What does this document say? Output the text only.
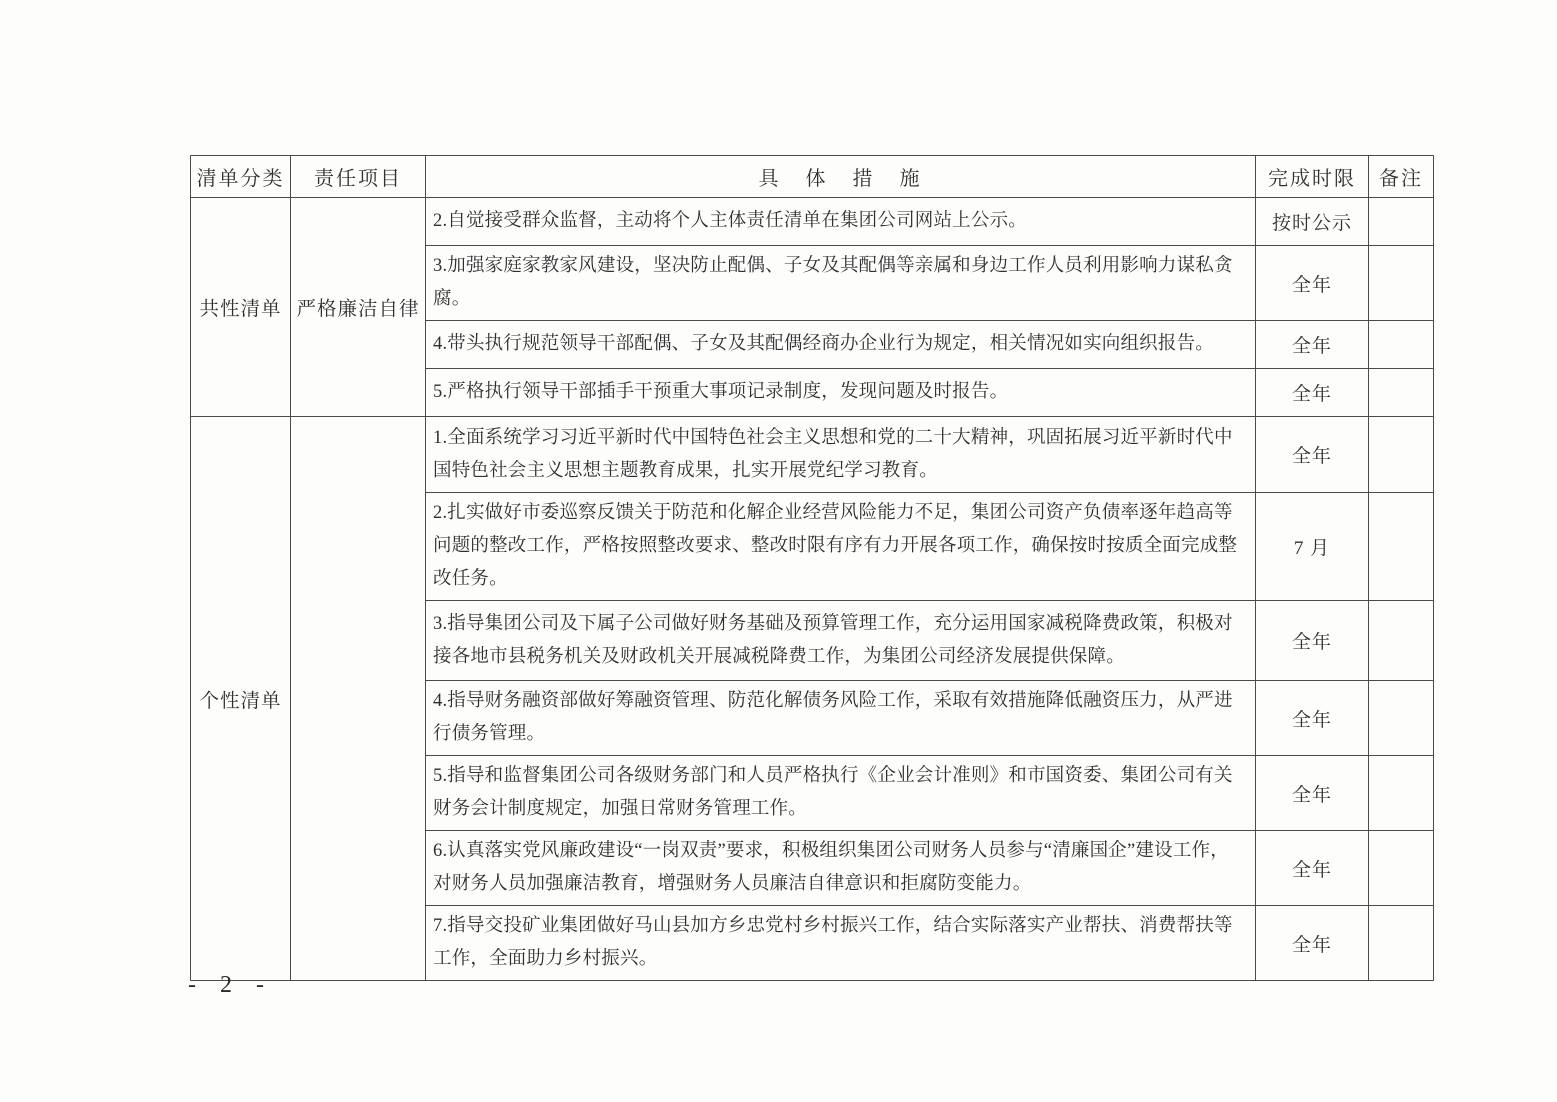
清单分类	责任项目	具 体 措 施	完成时限	备注
共性清单	严格廉洁自律	2.自觉接受群众监督，主动将个人主体责任清单在集团公司网站上公示。	按时公示	
		3.加强家庭家教家风建设，坚决防止配偶、子女及其配偶等亲属和身边工作人员利用影响力谋私贪腐。	全年	
		4.带头执行规范领导干部配偶、子女及其配偶经商办企业行为规定，相关情况如实向组织报告。	全年	
		5.严格执行领导干部插手干预重大事项记录制度，发现问题及时报告。	全年	
个性清单		1.全面系统学习习近平新时代中国特色社会主义思想和党的二十大精神，巩固拓展习近平新时代中国特色社会主义思想主题教育成果，扎实开展党纪学习教育。	全年	
		2.扎实做好市委巡察反馈关于防范和化解企业经营风险能力不足，集团公司资产负债率逐年趋高等问题的整改工作，严格按照整改要求、整改时限有序有力开展各项工作，确保按时按质全面完成整改任务。	7 月	
		3.指导集团公司及下属子公司做好财务基础及预算管理工作，充分运用国家减税降费政策，积极对接各地市县税务机关及财政机关开展减税降费工作，为集团公司经济发展提供保障。	全年	
		4.指导财务融资部做好筹融资管理、防范化解债务风险工作，采取有效措施降低融资压力，从严进行债务管理。	全年	
		5.指导和监督集团公司各级财务部门和人员严格执行《企业会计准则》和市国资委、集团公司有关财务会计制度规定，加强日常财务管理工作。	全年	
		6.认真落实党风廉政建设“一岗双责”要求，积极组织集团公司财务人员参与“清廉国企”建设工作，对财务人员加强廉洁教育，增强财务人员廉洁自律意识和拒腐防变能力。	全年	
		7.指导交投矿业集团做好马山县加方乡忠党村乡村振兴工作，结合实际落实产业帮扶、消费帮扶等工作，全面助力乡村振兴。	全年	
- 2 -
